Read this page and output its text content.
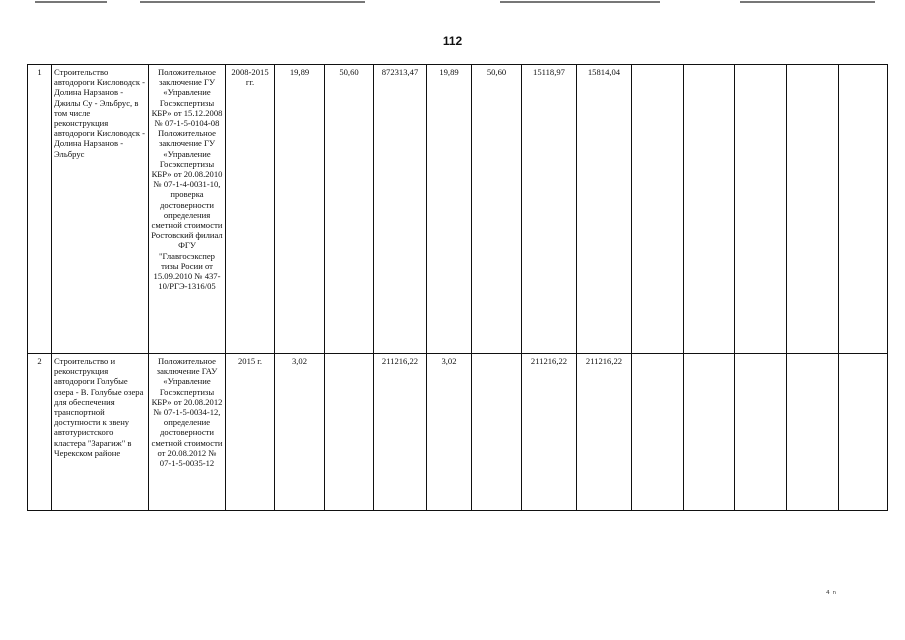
112
1	Строительство автодороги Кисловодск - Долина Нарзанов - Джилы Су - Эльбрус, в том числе реконструкция автодороги Кисловодск - Долина Нарзанов - Эльбрус	Положительное заключение ГУ «Управление Госэкспертизы КБР» от 15.12.2008 № 07-1-5-0104-08 Положительное заключение ГУ «Управление Госэкспертизы КБР» от 20.08.2010 № 07-1-4-0031-10, проверка достоверности определения сметной стоимости Ростовский филиал ФГУ "Главгосэкспер тизы Росии от 15.09.2010 № 437-10/РГЭ-1316/05	2008-2015 гг.	19,89	50,60	872313,47	19,89	50,60	15118,97	15814,04					
2	Строительство и реконструкция автодороги Голубые озера - В. Голубые озера для обеспечения транспортной доступности к звену автотуристского кластера "Зарагиж" в Черекском районе	Положительное заключение ГАУ «Управление Госэкспертизы КБР» от 20.08.2012 № 07-1-5-0034-12, определение достоверности сметной стоимости от 20.08.2012 № 07-1-5-0035-12	2015 г.	3,02		211216,22	3,02		211216,22	211216,22					
⁴ ⁿ
